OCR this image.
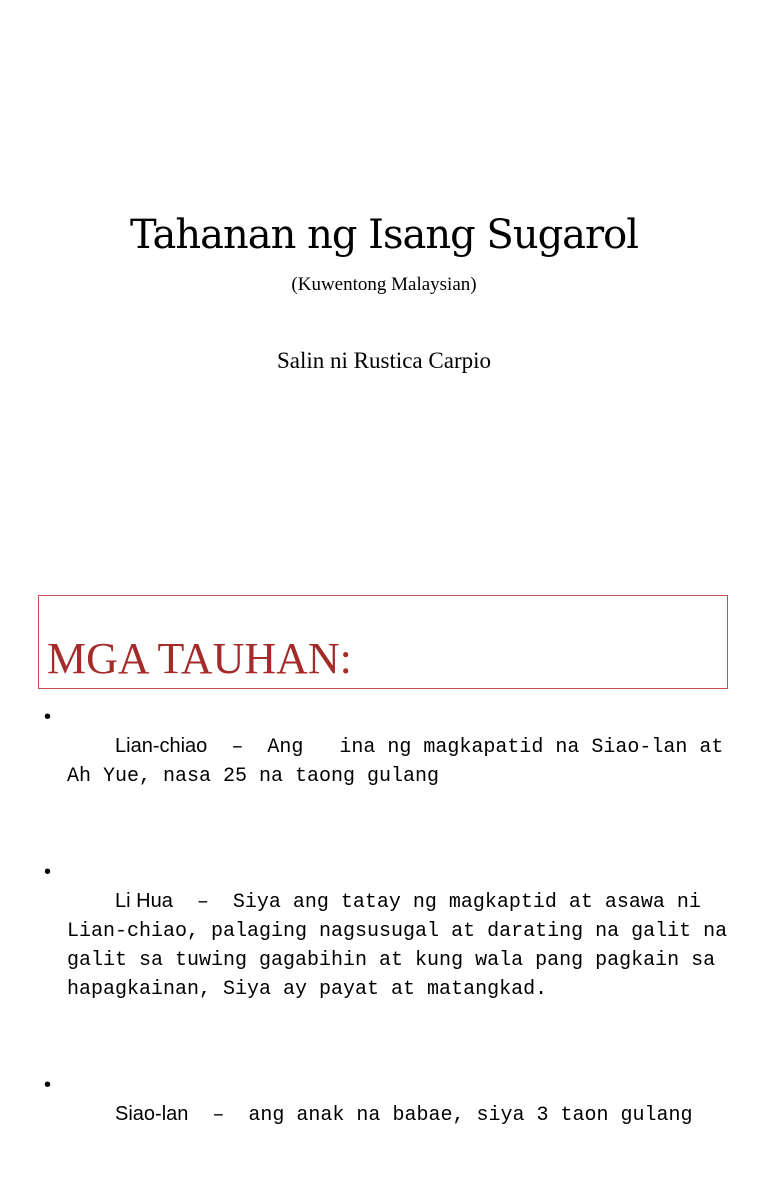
Tahanan ng Isang Sugarol
(Kuwentong Malaysian)
Salin ni Rustica Carpio
MGA TAUHAN:

•
Lian-chiao  –  Ang   ina ng magkapatid na Siao-lan at
Ah Yue, nasa 25 na taong gulang

•
Li Hua  –  Siya ang tatay ng magkaptid at asawa ni
Lian-chiao, palaging nagsusugal at darating na galit na
galit sa tuwing gagabihin at kung wala pang pagkain sa
hapagkainan, Siya ay payat at matangkad.

•
Siao-lan  –  ang anak na babae, siya 3 taon gulang
